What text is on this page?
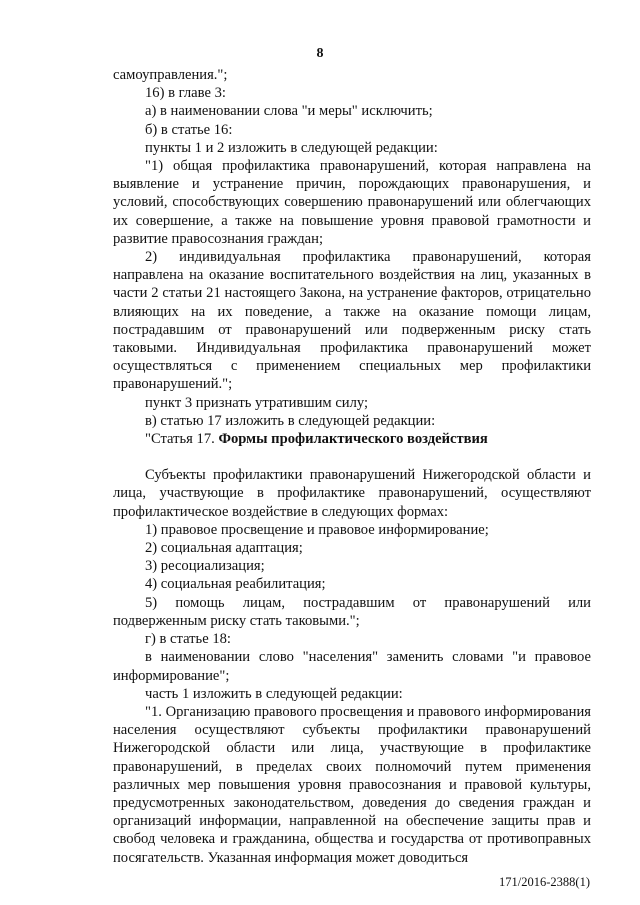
8

самоуправления.";

16) в главе 3:

а) в наименовании слова "и меры" исключить;

б) в статье 16:

пункты 1 и 2 изложить в следующей редакции:

"1) общая профилактика правонарушений, которая направлена на выявление и устранение причин, порождающих правонарушения, и условий, способствующих совершению правонарушений или облегчающих их совершение, а также на повышение уровня правовой грамотности и развитие правосознания граждан;

2) индивидуальная профилактика правонарушений, которая направлена на оказание воспитательного воздействия на лиц, указанных в части 2 статьи 21 настоящего Закона, на устранение факторов, отрицательно влияющих на их поведение, а также на оказание помощи лицам, пострадавшим от правонарушений или подверженным риску стать таковыми. Индивидуальная профилактика правонарушений может осуществляться с применением специальных мер профилактики правонарушений.";

пункт 3 признать утратившим силу;

в) статью 17 изложить в следующей редакции:

"Статья 17. Формы профилактического воздействия

Субъекты профилактики правонарушений Нижегородской области и лица, участвующие в профилактике правонарушений, осуществляют профилактическое воздействие в следующих формах:

1) правовое просвещение и правовое информирование;

2) социальная адаптация;

3) ресоциализация;

4) социальная реабилитация;

5) помощь лицам, пострадавшим от правонарушений или подверженным риску стать таковыми.";

г) в статье 18:

в наименовании слово "населения" заменить словами "и правовое информирование";

часть 1 изложить в следующей редакции:

"1. Организацию правового просвещения и правового информирования населения осуществляют субъекты профилактики правонарушений Нижегородской области или лица, участвующие в профилактике правонарушений, в пределах своих полномочий путем применения различных мер повышения уровня правосознания и правовой культуры, предусмотренных законодательством, доведения до сведения граждан и организаций информации, направленной на обеспечение защиты прав и свобод человека и гражданина, общества и государства от противоправных посягательств. Указанная информация может доводиться

171/2016-2388(1)
